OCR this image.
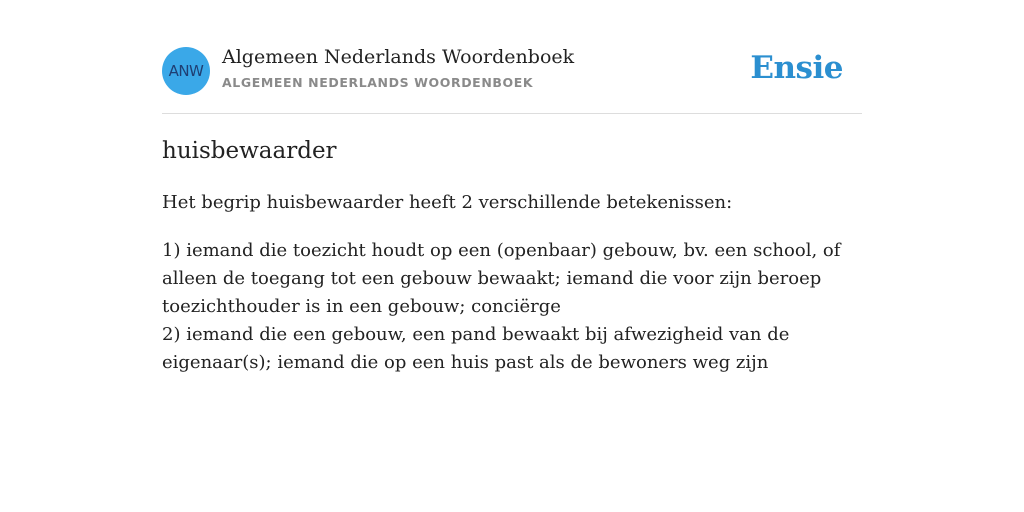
ANW
Algemeen Nederlands Woordenboek
ALGEMEEN NEDERLANDS WOORDENBOEK	Ensie
huisbewaarder

Het begrip huisbewaarder heeft 2 verschillende betekenissen:

1) iemand die toezicht houdt op een (openbaar) gebouw, bv. een school, of alleen de toegang tot een gebouw bewaakt; iemand die voor zijn beroep toezichthouder is in een gebouw; conciërge

2) iemand die een gebouw, een pand bewaakt bij afwezigheid van de eigenaar(s); iemand die op een huis past als de bewoners weg zijn
